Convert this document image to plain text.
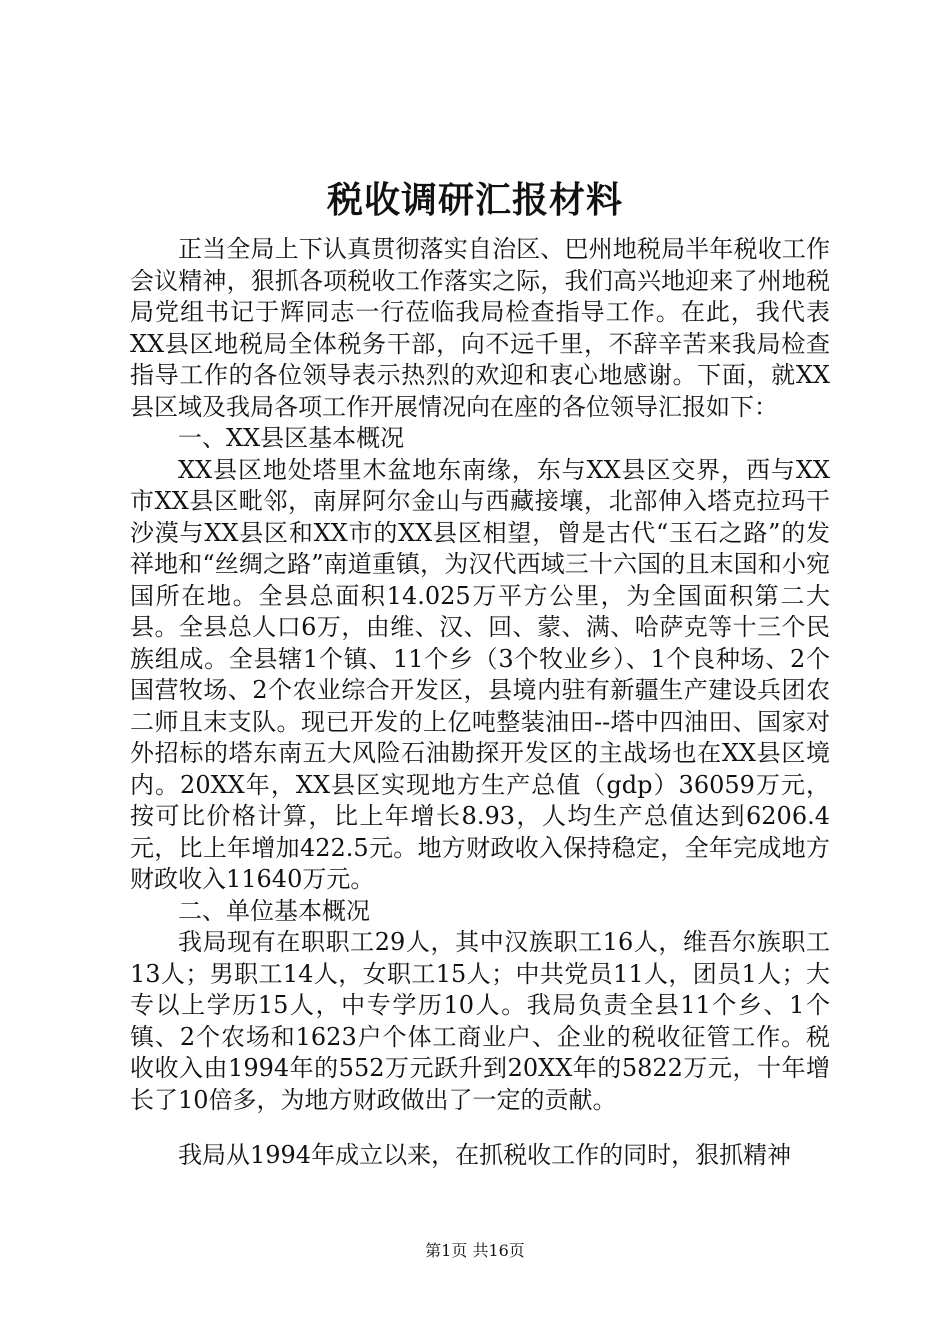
税收调研汇报材料

正当全局上下认真贯彻落实自治区、巴州地税局半年税收工作会议精神，狠抓各项税收工作落实之际，我们高兴地迎来了州地税局党组书记于辉同志一行莅临我局检查指导工作。在此，我代表XX县区地税局全体税务干部，向不远千里，不辞辛苦来我局检查指导工作的各位领导表示热烈的欢迎和衷心地感谢。下面，就XX县区域及我局各项工作开展情况向在座的各位领导汇报如下：

一、XX县区基本概况

XX县区地处塔里木盆地东南缘，东与XX县区交界，西与XX市XX县区毗邻，南屏阿尔金山与西藏接壤，北部伸入塔克拉玛干沙漠与XX县区和XX市的XX县区相望，曾是古代“玉石之路”的发祥地和“丝绸之路”南道重镇，为汉代西域三十六国的且末国和小宛国所在地。全县总面积14.025万平方公里，为全国面积第二大县。全县总人口6万，由维、汉、回、蒙、满、哈萨克等十三个民族组成。全县辖1个镇、11个乡（3个牧业乡）、1个良种场、2个国营牧场、2个农业综合开发区，县境内驻有新疆生产建设兵团农二师且末支队。现已开发的上亿吨整装油田--塔中四油田、国家对外招标的塔东南五大风险石油勘探开发区的主战场也在XX县区境内。20XX年，XX县区实现地方生产总值（gdp）36059万元，按可比价格计算，比上年增长8.93，人均生产总值达到6206.4元，比上年增加422.5元。地方财政收入保持稳定，全年完成地方财政收入11640万元。

二、单位基本概况

我局现有在职职工29人，其中汉族职工16人，维吾尔族职工13人；男职工14人，女职工15人；中共党员11人，团员1人；大专以上学历15人，中专学历10人。我局负责全县11个乡、1个镇、2个农场和1623户个体工商业户、企业的税收征管工作。税收收入由1994年的552万元跃升到20XX年的5822万元，十年增长了10倍多，为地方财政做出了一定的贡献。

我局从1994年成立以来，在抓税收工作的同时，狠抓精神

第1页 共16页
